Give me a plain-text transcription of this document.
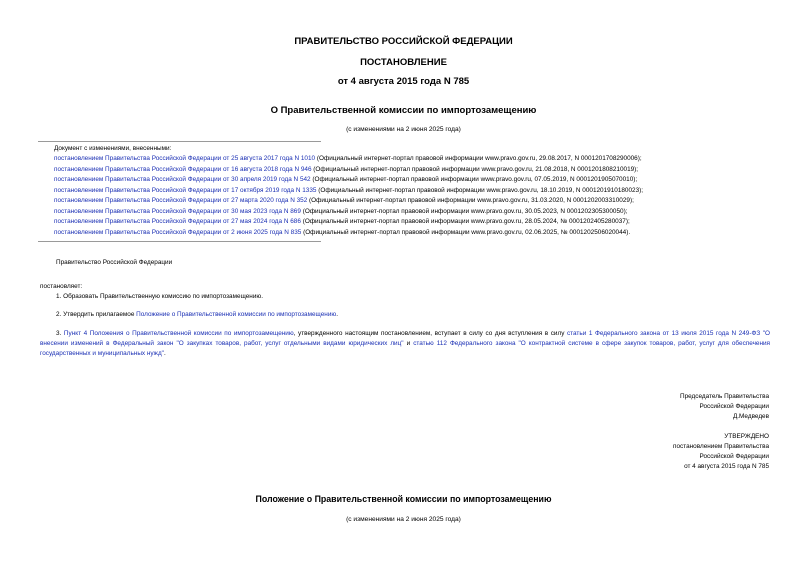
ПРАВИТЕЛЬСТВО РОССИЙСКОЙ ФЕДЕРАЦИИ
ПОСТАНОВЛЕНИЕ
от 4 августа 2015 года N 785
О Правительственной комиссии по импортозамещению
(с изменениями на 2 июня 2025 года)
Документ с изменениями, внесенными:
постановлением Правительства Российской Федерации от 25 августа 2017 года N 1010 (Официальный интернет-портал правовой информации www.pravo.gov.ru, 29.08.2017, N 0001201708290006);
постановлением Правительства Российской Федерации от 16 августа 2018 года N 946 (Официальный интернет-портал правовой информации www.pravo.gov.ru, 21.08.2018, N 0001201808210019);
постановлением Правительства Российской Федерации от 30 апреля 2019 года N 542 (Официальный интернет-портал правовой информации www.pravo.gov.ru, 07.05.2019, N 0001201905070010);
постановлением Правительства Российской Федерации от 17 октября 2019 года N 1335 (Официальный интернет-портал правовой информации www.pravo.gov.ru, 18.10.2019, N 0001201910180023);
постановлением Правительства Российской Федерации от 27 марта 2020 года N 352 (Официальный интернет-портал правовой информации www.pravo.gov.ru, 31.03.2020, N 0001202003310029);
постановлением Правительства Российской Федерации от 30 мая 2023 года N 869 (Официальный интернет-портал правовой информации www.pravo.gov.ru, 30.05.2023, N 0001202305300050);
постановлением Правительства Российской Федерации от 27 мая 2024 года N 686 (Официальный интернет-портал правовой информации www.pravo.gov.ru, 28.05.2024, № 0001202405280037);
постановлением Правительства Российской Федерации от 2 июня 2025 года N 835 (Официальный интернет-портал правовой информации www.pravo.gov.ru, 02.06.2025, № 0001202506020044).
Правительство Российской Федерации
постановляет:
1. Образовать Правительственную комиссию по импортозамещению.
2. Утвердить прилагаемое Положение о Правительственной комиссии по импортозамещению.
3. Пункт 4 Положения о Правительственной комиссии по импортозамещению, утвержденного настоящим постановлением, вступает в силу со дня вступления в силу статьи 1 Федерального закона от 13 июля 2015 года N 249-ФЗ "О внесении изменений в Федеральный закон "О закупках товаров, работ, услуг отдельными видами юридических лиц" и статью 112 Федерального закона "О контрактной системе в сфере закупок товаров, работ, услуг для обеспечения государственных и муниципальных нужд".
Председатель Правительства
Российской Федерации
Д.Медведев
УТВЕРЖДЕНО
постановлением Правительства
Российской Федерации
от 4 августа 2015 года N 785
Положение о Правительственной комиссии по импортозамещению
(с изменениями на 2 июня 2025 года)
